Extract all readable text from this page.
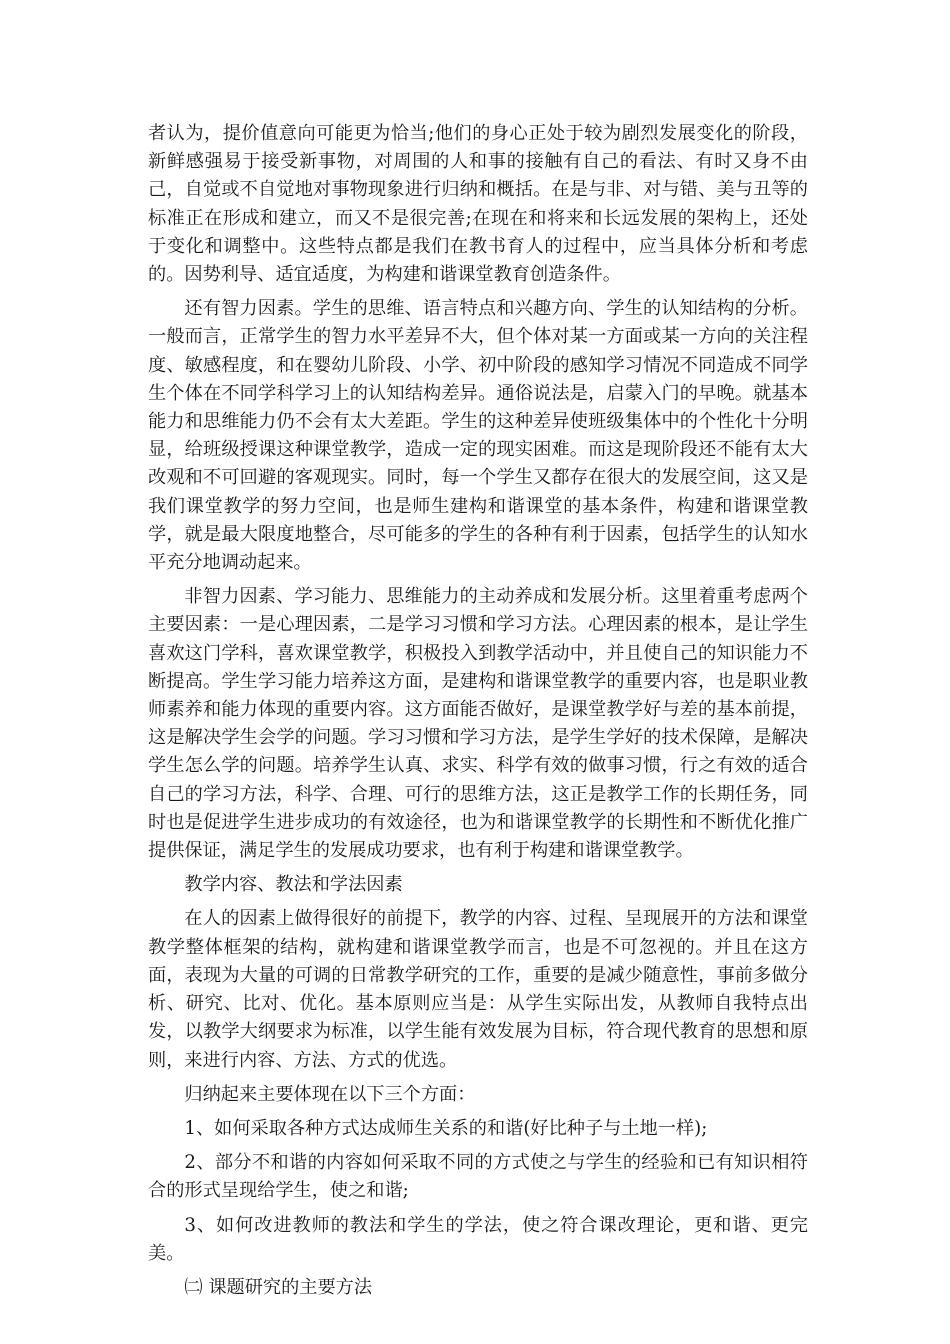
者认为，提价值意向可能更为恰当;他们的身心正处于较为剧烈发展变化的阶段，新鲜感强易于接受新事物，对周围的人和事的接触有自己的看法、有时又身不由己，自觉或不自觉地对事物现象进行归纳和概括。在是与非、对与错、美与丑等的标准正在形成和建立，而又不是很完善;在现在和将来和长远发展的架构上，还处于变化和调整中。这些特点都是我们在教书育人的过程中，应当具体分析和考虑的。因势利导、适宜适度，为构建和谐课堂教育创造条件。

还有智力因素。学生的思维、语言特点和兴趣方向、学生的认知结构的分析。一般而言，正常学生的智力水平差异不大，但个体对某一方面或某一方向的关注程度、敏感程度，和在婴幼儿阶段、小学、初中阶段的感知学习情况不同造成不同学生个体在不同学科学习上的认知结构差异。通俗说法是，启蒙入门的早晚。就基本能力和思维能力仍不会有太大差距。学生的这种差异使班级集体中的个性化十分明显，给班级授课这种课堂教学，造成一定的现实困难。而这是现阶段还不能有太大改观和不可回避的客观现实。同时，每一个学生又都存在很大的发展空间，这又是我们课堂教学的努力空间，也是师生建构和谐课堂的基本条件，构建和谐课堂教学，就是最大限度地整合，尽可能多的学生的各种有利于因素，包括学生的认知水平充分地调动起来。

非智力因素、学习能力、思维能力的主动养成和发展分析。这里着重考虑两个主要因素：一是心理因素，二是学习习惯和学习方法。心理因素的根本，是让学生喜欢这门学科，喜欢课堂教学，积极投入到教学活动中，并且使自己的知识能力不断提高。学生学习能力培养这方面，是建构和谐课堂教学的重要内容，也是职业教师素养和能力体现的重要内容。这方面能否做好，是课堂教学好与差的基本前提，这是解决学生会学的问题。学习习惯和学习方法，是学生学好的技术保障，是解决学生怎么学的问题。培养学生认真、求实、科学有效的做事习惯，行之有效的适合自己的学习方法，科学、合理、可行的思维方法，这正是教学工作的长期任务，同时也是促进学生进步成功的有效途径，也为和谐课堂教学的长期性和不断优化推广提供保证，满足学生的发展成功要求，也有利于构建和谐课堂教学。

教学内容、教法和学法因素

在人的因素上做得很好的前提下，教学的内容、过程、呈现展开的方法和课堂教学整体框架的结构，就构建和谐课堂教学而言，也是不可忽视的。并且在这方面，表现为大量的可调的日常教学研究的工作，重要的是减少随意性，事前多做分析、研究、比对、优化。基本原则应当是：从学生实际出发，从教师自我特点出发，以教学大纲要求为标准，以学生能有效发展为目标，符合现代教育的思想和原则，来进行内容、方法、方式的优选。

归纳起来主要体现在以下三个方面：

1、如何采取各种方式达成师生关系的和谐(好比种子与土地一样);

2、部分不和谐的内容如何采取不同的方式使之与学生的经验和已有知识相符合的形式呈现给学生，使之和谐;

3、如何改进教师的教法和学生的学法，使之符合课改理论，更和谐、更完美。

㈡ 课题研究的主要方法
